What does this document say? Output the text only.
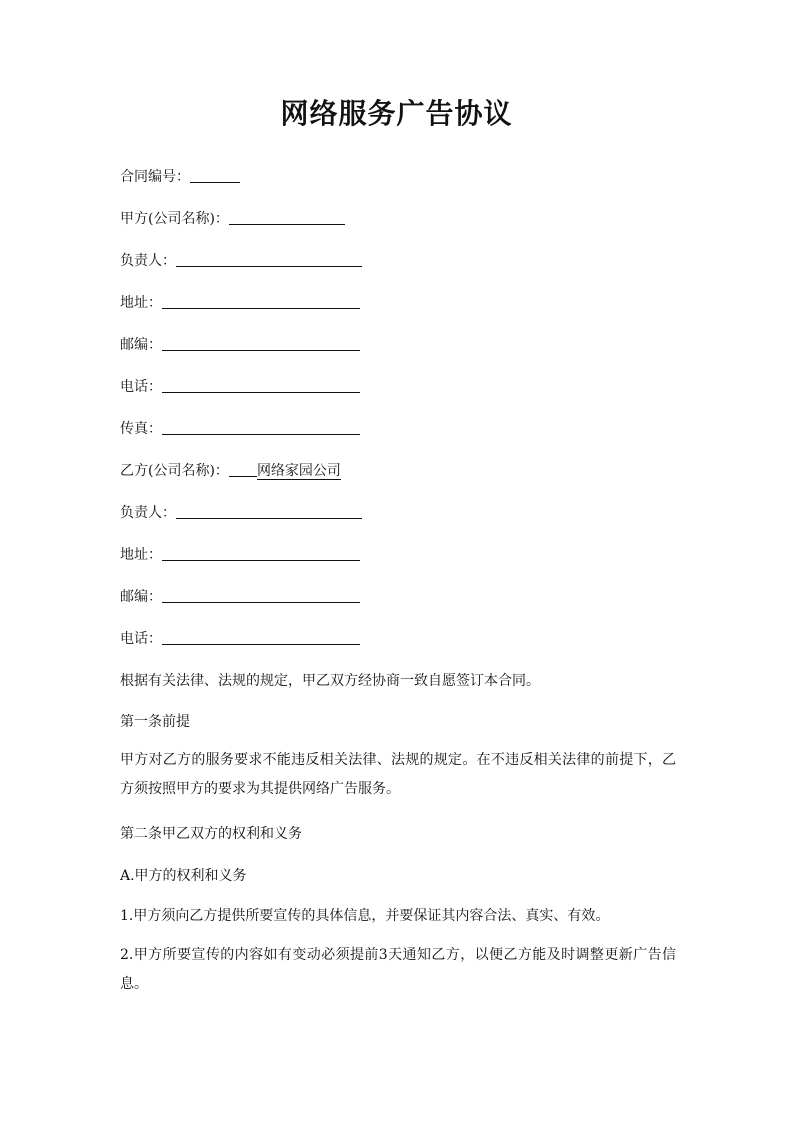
网络服务广告协议

合同编号：

甲方(公司名称)：

负责人：

地址：

邮编：

电话：

传真：

乙方(公司名称)： 网络家园公司

负责人：

地址：

邮编：

电话：

根据有关法律、法规的规定，甲乙双方经协商一致自愿签订本合同。

第一条前提

甲方对乙方的服务要求不能违反相关法律、法规的规定。在不违反相关法律的前提下，乙方须按照甲方的要求为其提供网络广告服务。

第二条甲乙双方的权利和义务

A.甲方的权利和义务

1.甲方须向乙方提供所要宣传的具体信息，并要保证其内容合法、真实、有效。

2.甲方所要宣传的内容如有变动必须提前3天通知乙方，以便乙方能及时调整更新广告信息。
